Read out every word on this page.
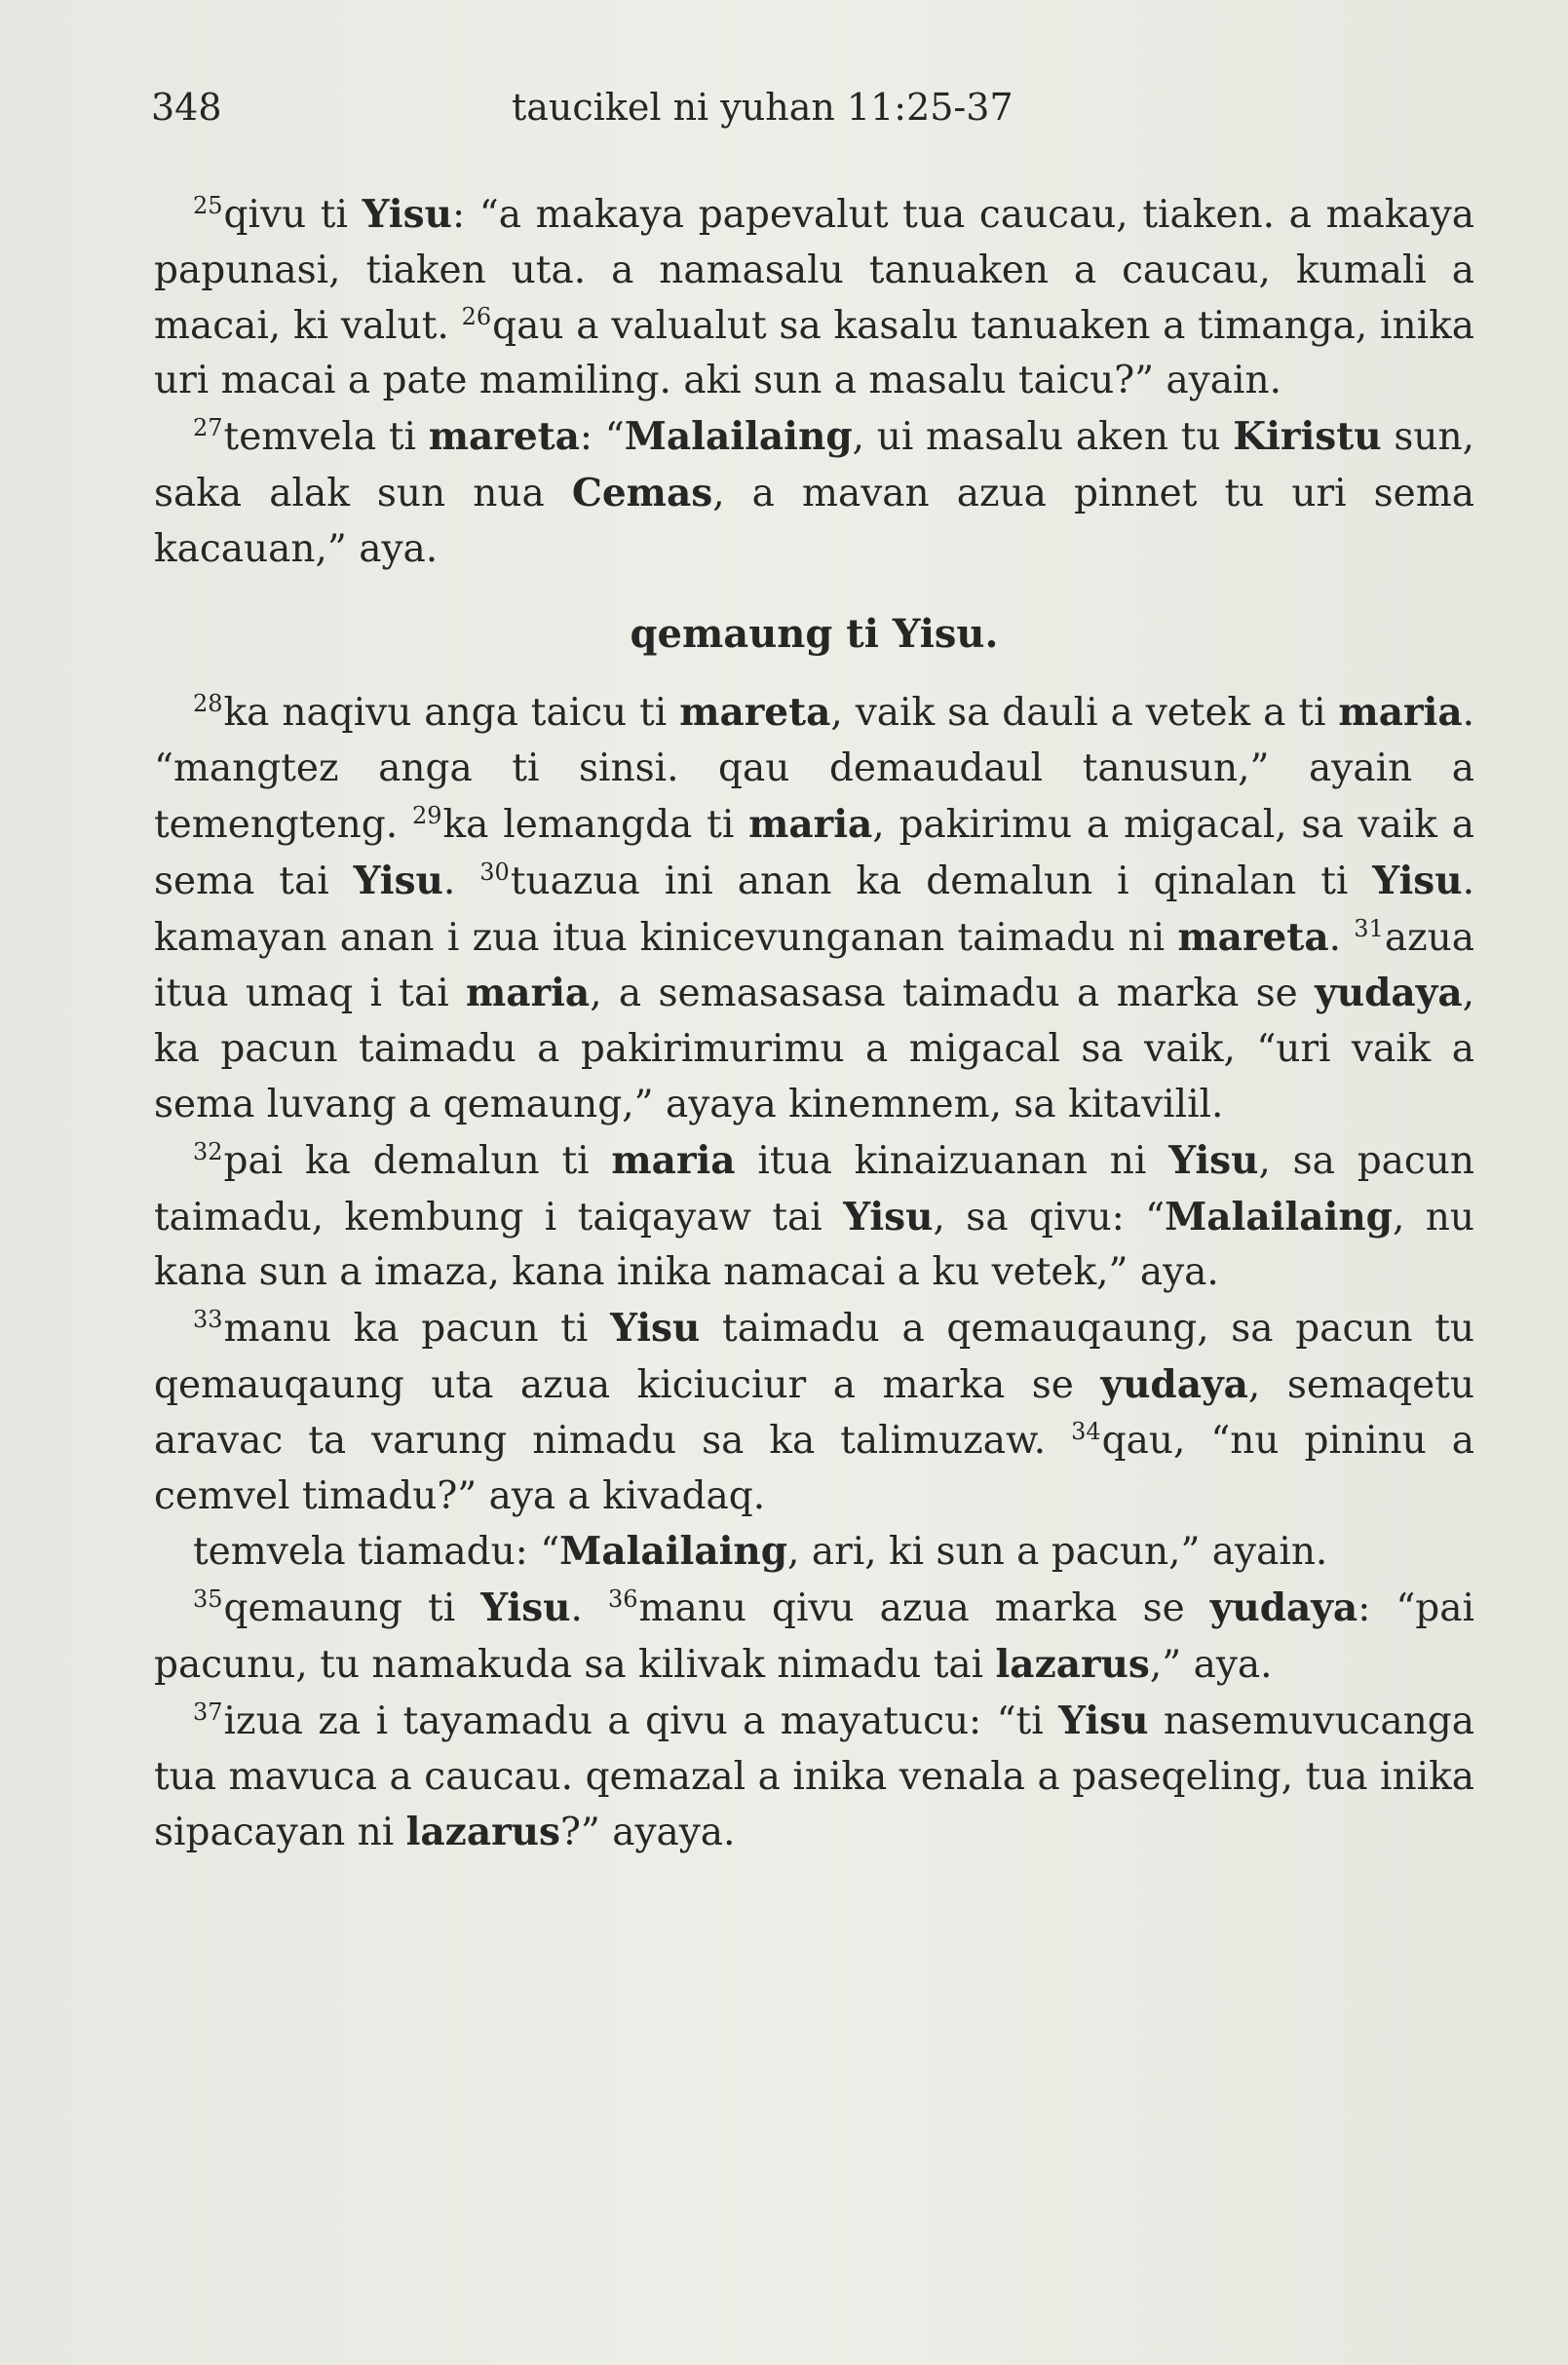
348	taucikel ni yuhan 11:25-37

$^{25}$qivu ti Yisu: “a makaya papevalut tua caucau, tiaken. a makaya papunasi, tiaken uta. a namasalu tanuaken a caucau, kumali a macai, ki valut. $^{26}$qau a valualut sa kasalu tanuaken a timanga, inika uri macai a pate mamiling. aki sun a masalu taicu?” ayain.

$^{27}$temvela ti mareta: “Malailaing, ui masalu aken tu Kiristu sun, saka alak sun nua Cemas, a mavan azua pinnet tu uri sema kacauan,” aya.

qemaung ti Yisu.

$^{28}$ka naqivu anga taicu ti mareta, vaik sa dauli a vetek a ti maria. “mangtez anga ti sinsi. qau demaudaul tanusun,” ayain a temengteng. $^{29}$ka lemangda ti maria, pakirimu a migacal, sa vaik a sema tai Yisu. $^{30}$tuazua ini anan ka demalun i qinalan ti Yisu. kamayan anan i zua itua kinicevunganan taimadu ni mareta. $^{31}$azua itua umaq i tai maria, a semasasasa taimadu a marka se yudaya, ka pacun taimadu a pakirimurimu a migacal sa vaik, “uri vaik a sema luvang a qemaung,” ayaya kinemnem, sa kitavilil.

$^{32}$pai ka demalun ti maria itua kinaizuanan ni Yisu, sa pacun taimadu, kembung i taiqayaw tai Yisu, sa qivu: “Malailaing, nu kana sun a imaza, kana inika namacai a ku vetek,” aya.

$^{33}$manu ka pacun ti Yisu taimadu a qemauqaung, sa pacun tu qemauqaung uta azua kiciuciur a marka se yudaya, semaqetu aravac ta varung nimadu sa ka talimuzaw. $^{34}$qau, “nu pininu a cemvel timadu?” aya a kivadaq.

temvela tiamadu: “Malailaing, ari, ki sun a pacun,” ayain.

$^{35}$qemaung ti Yisu. $^{36}$manu qivu azua marka se yudaya: “pai pacunu, tu namakuda sa kilivak nimadu tai lazarus,” aya.

$^{37}$izua za i tayamadu a qivu a mayatucu: “ti Yisu nasemuvucanga tua mavuca a caucau. qemazal a inika venala a paseqeling, tua inika sipacayan ni lazarus?” ayaya.
